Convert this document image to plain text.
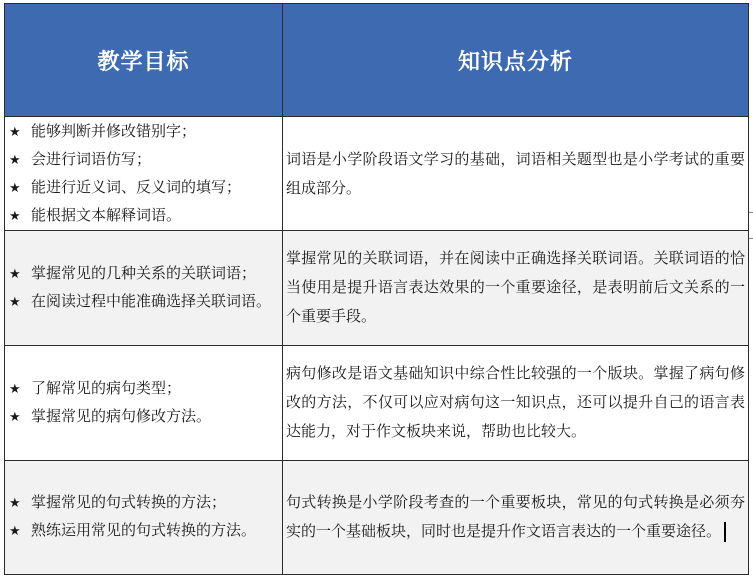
教学目标	知识点分析

★ 能够判断并修改错别字；
★ 会进行词语仿写；
★ 能进行近义词、反义词的填写；
★ 能根据文本解释词语。	词语是小学阶段语文学习的基础，词语相关题型也是小学考试的重要组成部分。

★ 掌握常见的几种关系的关联词语；
★ 在阅读过程中能准确选择关联词语。	掌握常见的关联词语，并在阅读中正确选择关联词语。关联词语的恰当使用是提升语言表达效果的一个重要途径，是表明前后文关系的一个重要手段。

★ 了解常见的病句类型；
★ 掌握常见的病句修改方法。	病句修改是语文基础知识中综合性比较强的一个版块。掌握了病句修改的方法，不仅可以应对病句这一知识点，还可以提升自己的语言表达能力，对于作文板块来说，帮助也比较大。

★ 掌握常见的句式转换的方法；
★ 熟练运用常见的句式转换的方法。	句式转换是小学阶段考查的一个重要板块，常见的句式转换是必须夯实的一个基础板块，同时也是提升作文语言表达的一个重要途径。
